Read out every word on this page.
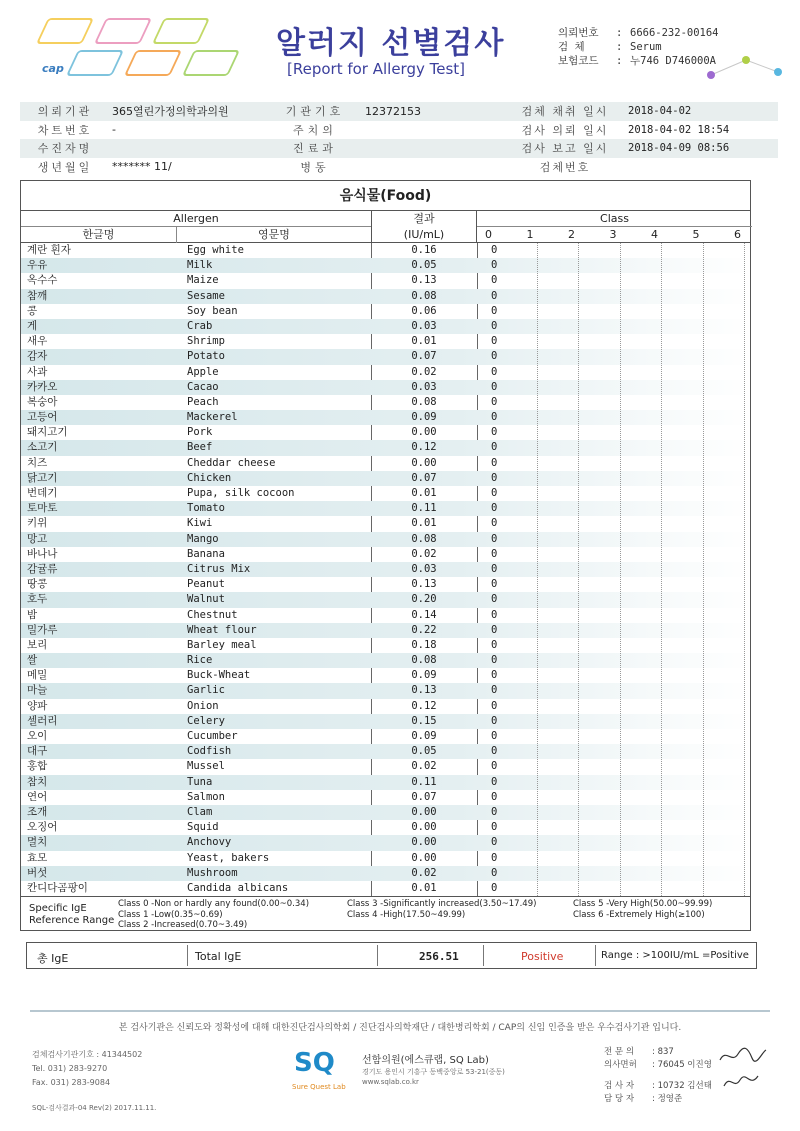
cap
알러지 선별검사
[Report for Allergy Test]
의뢰번호	: 6666-232-00164
검 체	: Serum
보험코드	: 누746 D746000A
의뢰기관	365열린가정의학과의원	기관기호	12372153	검체 채취 일시	2018-04-02
차트번호	-	주치의	검사 의뢰 일시	2018-04-02 18:54
수진자명	진료과	검사 보고 일시	2018-04-09 08:56
생년월일	******* 11/	병동	검체번호
음식물(Food)
Allergen
한글명	영문명
결과
(IU/mL)
Class
0	1	2	3	4	5	6
계란 흰자	Egg white	0.16	0
우유	Milk	0.05	0
옥수수	Maize	0.13	0
참깨	Sesame	0.08	0
콩	Soy bean	0.06	0
게	Crab	0.03	0
새우	Shrimp	0.01	0
감자	Potato	0.07	0
사과	Apple	0.02	0
카카오	Cacao	0.03	0
복숭아	Peach	0.08	0
고등어	Mackerel	0.09	0
돼지고기	Pork	0.00	0
소고기	Beef	0.12	0
치즈	Cheddar cheese	0.00	0
닭고기	Chicken	0.07	0
번데기	Pupa, silk cocoon	0.01	0
토마토	Tomato	0.11	0
키위	Kiwi	0.01	0
망고	Mango	0.08	0
바나나	Banana	0.02	0
감귤류	Citrus Mix	0.03	0
땅콩	Peanut	0.13	0
호두	Walnut	0.20	0
밤	Chestnut	0.14	0
밀가루	Wheat flour	0.22	0
보리	Barley meal	0.18	0
쌀	Rice	0.08	0
메밀	Buck-Wheat	0.09	0
마늘	Garlic	0.13	0
양파	Onion	0.12	0
셀러리	Celery	0.15	0
오이	Cucumber	0.09	0
대구	Codfish	0.05	0
홍합	Mussel	0.02	0
참치	Tuna	0.11	0
연어	Salmon	0.07	0
조개	Clam	0.00	0
오징어	Squid	0.00	0
멸치	Anchovy	0.00	0
효모	Yeast, bakers	0.00	0
버섯	Mushroom	0.02	0
칸디다곰팡이	Candida albicans	0.01	0
Specific IgE
Reference Range
Class 0 -Non or hardly any found(0.00~0.34)
Class 1 -Low(0.35~0.69)
Class 2 -Increased(0.70~3.49)
Class 3 -Significantly increased(3.50~17.49)
Class 4 -High(17.50~49.99)
Class 5 -Very High(50.00~99.99)
Class 6 -Extremely High(≥100)
총 IgE	Total IgE	256.51	Positive	Range : >100IU/mL =Positive
본 검사기관은 신뢰도와 정확성에 대해 대한진단검사의학회 / 진단검사의학재단 / 대한병리학회 / CAP의 신임 인증을 받은 우수검사기관 입니다.
검체검사기관기호 : 41344502
Tel. 031) 283-9270
Fax. 031) 283-9084
SQ
Sure Quest Lab
선함의원(에스큐랩, SQ Lab)
경기도 용인시 기흥구 동백중앙로 53-21(중동)
www.sqlab.co.kr
전 문 의	: 837
의사면허	: 76045 이진영
검 사 자	: 10732 김선태
담 당 자	: 정영준
SQL-검사결과-04 Rev(2) 2017.11.11.
